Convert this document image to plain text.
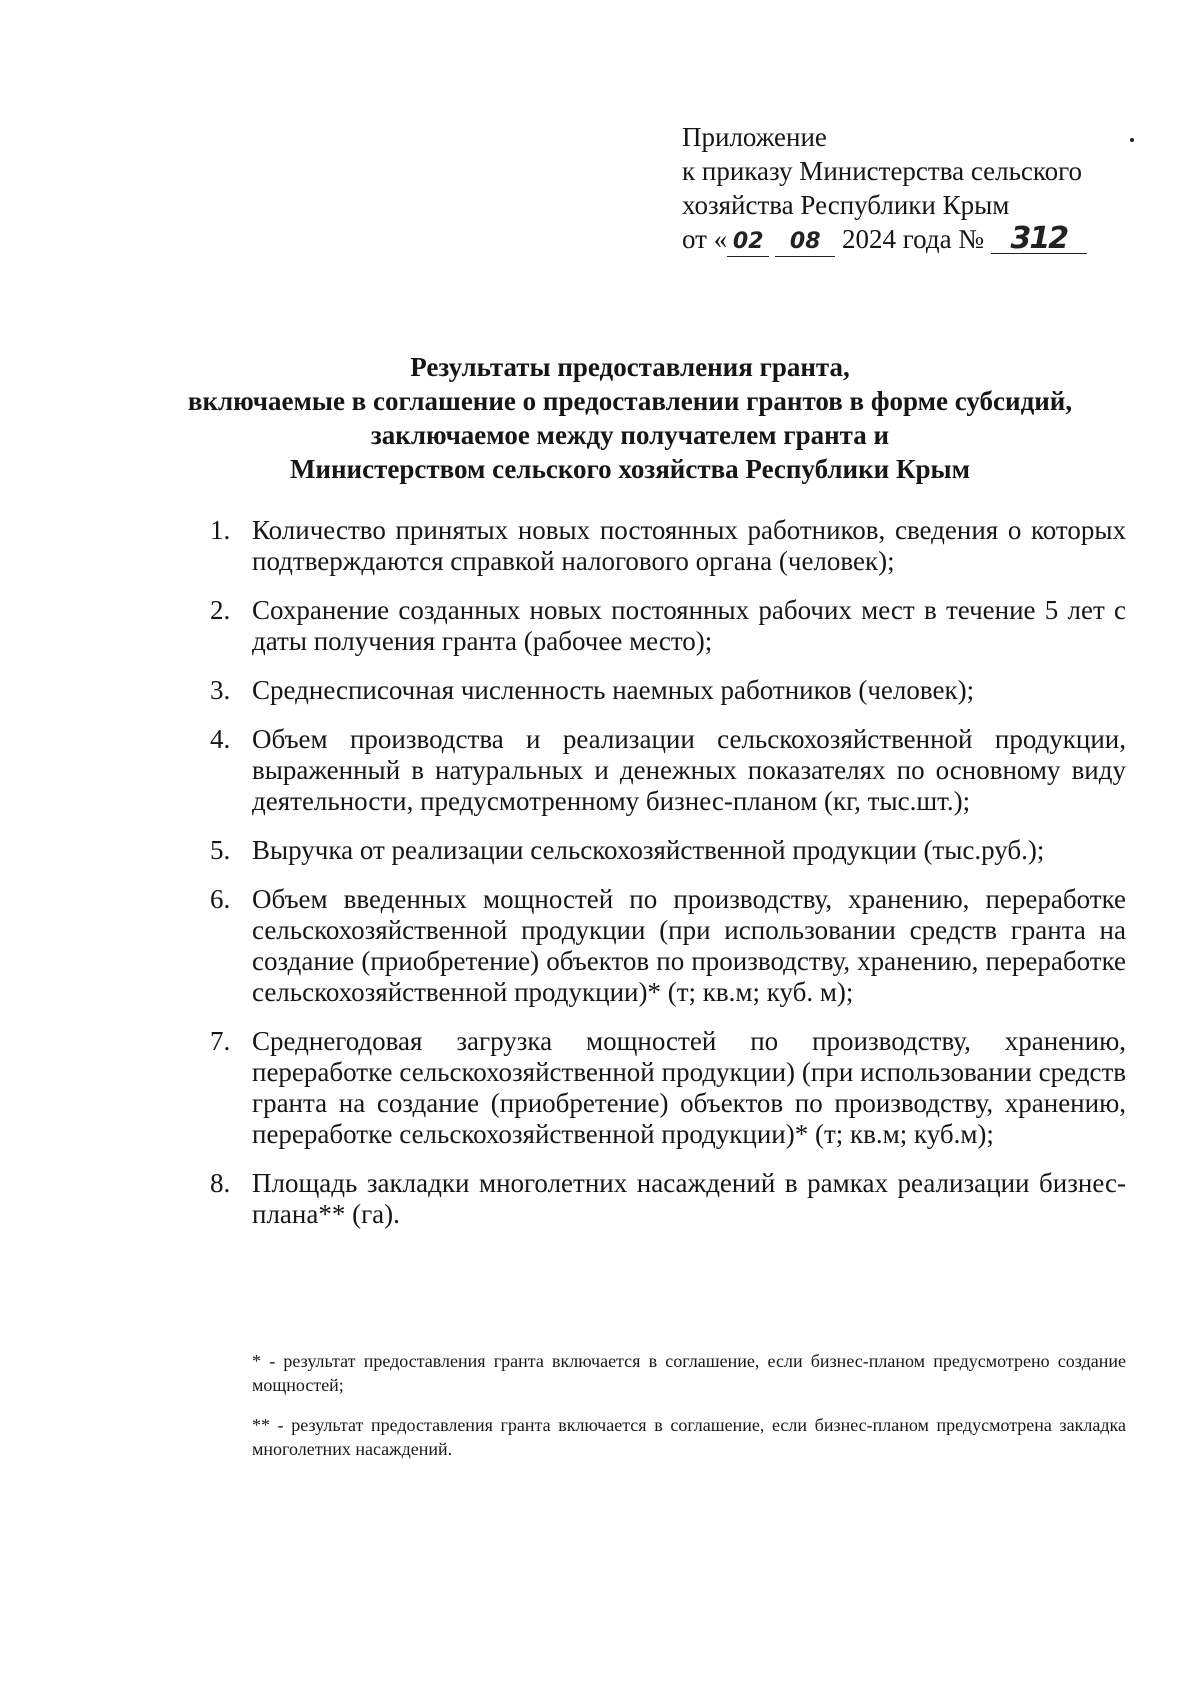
Приложение
к приказу Министерства сельского
хозяйства Республики Крым
от « 02 08 2024 года № 312
Результаты предоставления гранта,
включаемые в соглашение о предоставлении грантов в форме субсидий,
заключаемое между получателем гранта и
Министерством сельского хозяйства Республики Крым
1. Количество принятых новых постоянных работников, сведения о которых подтверждаются справкой налогового органа (человек);
2. Сохранение созданных новых постоянных рабочих мест в течение 5 лет с даты получения гранта (рабочее место);
3. Среднесписочная численность наемных работников (человек);
4. Объем производства и реализации сельскохозяйственной продукции, выраженный в натуральных и денежных показателях по основному виду деятельности, предусмотренному бизнес-планом (кг, тыс.шт.);
5. Выручка от реализации сельскохозяйственной продукции (тыс.руб.);
6. Объем введенных мощностей по производству, хранению, переработке сельскохозяйственной продукции (при использовании средств гранта на создание (приобретение) объектов по производству, хранению, переработке сельскохозяйственной продукции)* (т; кв.м; куб. м);
7. Среднегодовая загрузка мощностей по производству, хранению, переработке сельскохозяйственной продукции) (при использовании средств гранта на создание (приобретение) объектов по производству, хранению, переработке сельскохозяйственной продукции)* (т; кв.м; куб.м);
8. Площадь закладки многолетних насаждений в рамках реализации бизнес-плана** (га).

* - результат предоставления гранта включается в соглашение, если бизнес-планом предусмотрено создание мощностей;

** - результат предоставления гранта включается в соглашение, если бизнес-планом предусмотрена закладка многолетних насаждений.
